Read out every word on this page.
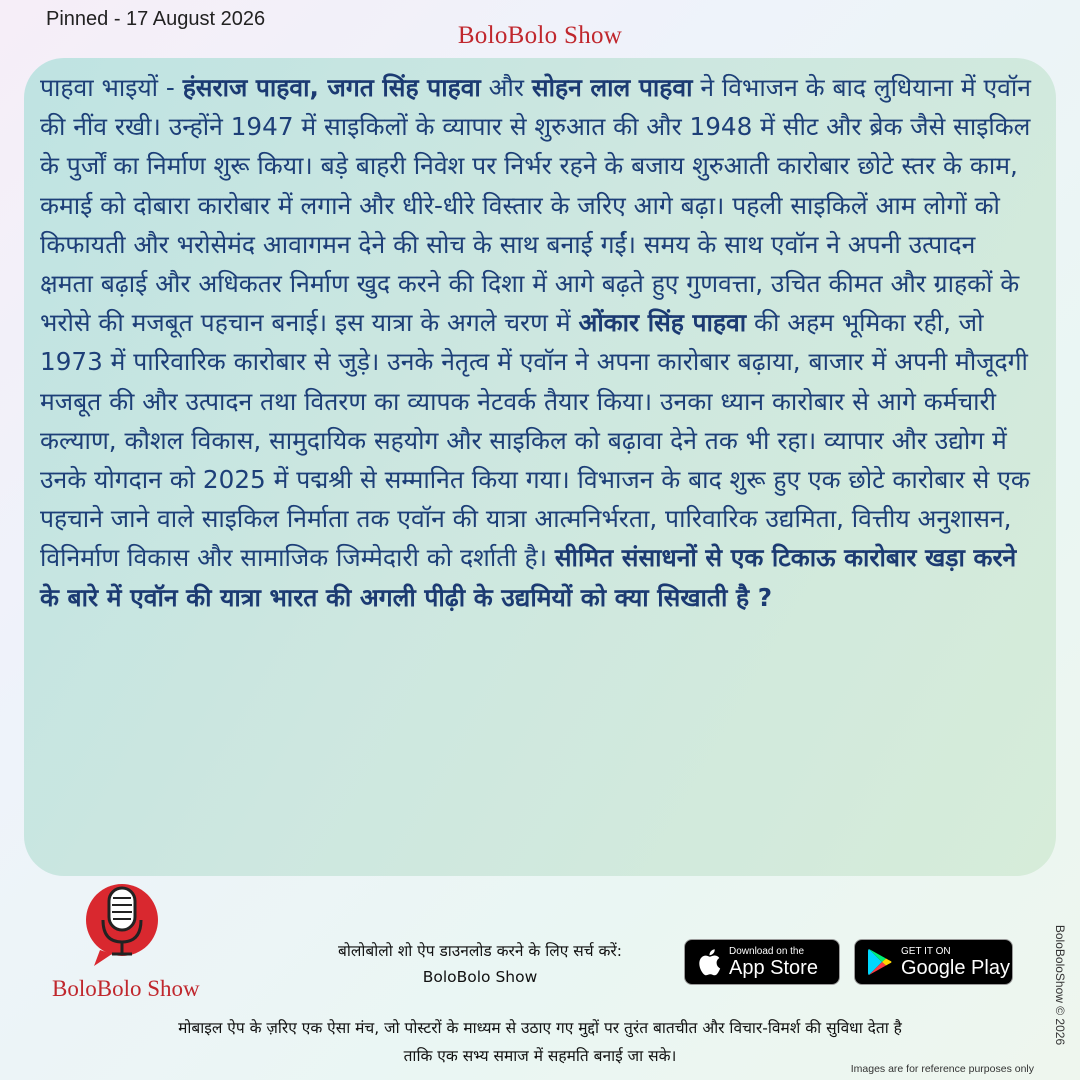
Pinned - 17 August 2026
BoloBolo Show

पाहवा भाइयों - हंसराज पाहवा, जगत सिंह पाहवा और सोहन लाल पाहवा ने विभाजन के बाद लुधियाना में एवॉन की नींव रखी। उन्होंने 1947 में साइकिलों के व्यापार से शुरुआत की और 1948 में सीट और ब्रेक जैसे साइकिल के पुर्जों का निर्माण शुरू किया। बड़े बाहरी निवेश पर निर्भर रहने के बजाय शुरुआती कारोबार छोटे स्तर के काम, कमाई को दोबारा कारोबार में लगाने और धीरे-धीरे विस्तार के जरिए आगे बढ़ा। पहली साइकिलें आम लोगों को किफायती और भरोसेमंद आवागमन देने की सोच के साथ बनाई गईं। समय के साथ एवॉन ने अपनी उत्पादन क्षमता बढ़ाई और अधिकतर निर्माण खुद करने की दिशा में आगे बढ़ते हुए गुणवत्ता, उचित कीमत और ग्राहकों के भरोसे की मजबूत पहचान बनाई। इस यात्रा के अगले चरण में ओंकार सिंह पाहवा की अहम भूमिका रही, जो 1973 में पारिवारिक कारोबार से जुड़े। उनके नेतृत्व में एवॉन ने अपना कारोबार बढ़ाया, बाजार में अपनी मौजूदगी मजबूत की और उत्पादन तथा वितरण का व्यापक नेटवर्क तैयार किया। उनका ध्यान कारोबार से आगे कर्मचारी कल्याण, कौशल विकास, सामुदायिक सहयोग और साइकिल को बढ़ावा देने तक भी रहा। व्यापार और उद्योग में उनके योगदान को 2025 में पद्मश्री से सम्मानित किया गया। विभाजन के बाद शुरू हुए एक छोटे कारोबार से एक पहचाने जाने वाले साइकिल निर्माता तक एवॉन की यात्रा आत्मनिर्भरता, पारिवारिक उद्यमिता, वित्तीय अनुशासन, विनिर्माण विकास और सामाजिक जिम्मेदारी को दर्शाती है। सीमित संसाधनों से एक टिकाऊ कारोबार खड़ा करने के बारे में एवॉन की यात्रा भारत की अगली पीढ़ी के उद्यमियों को क्या सिखाती है ?

BoloBolo Show
बोलोबोलो शो ऐप डाउनलोड करने के लिए सर्च करें:
BoloBolo Show
Download on the
App Store
GET IT ON
Google Play
मोबाइल ऐप के ज़रिए एक ऐसा मंच, जो पोस्टरों के माध्यम से उठाए गए मुद्दों पर तुरंत बातचीत और विचार-विमर्श की सुविधा देता है
ताकि एक सभ्य समाज में सहमति बनाई जा सके।
BoloBoloShow © 2026
Images are for reference purposes only
